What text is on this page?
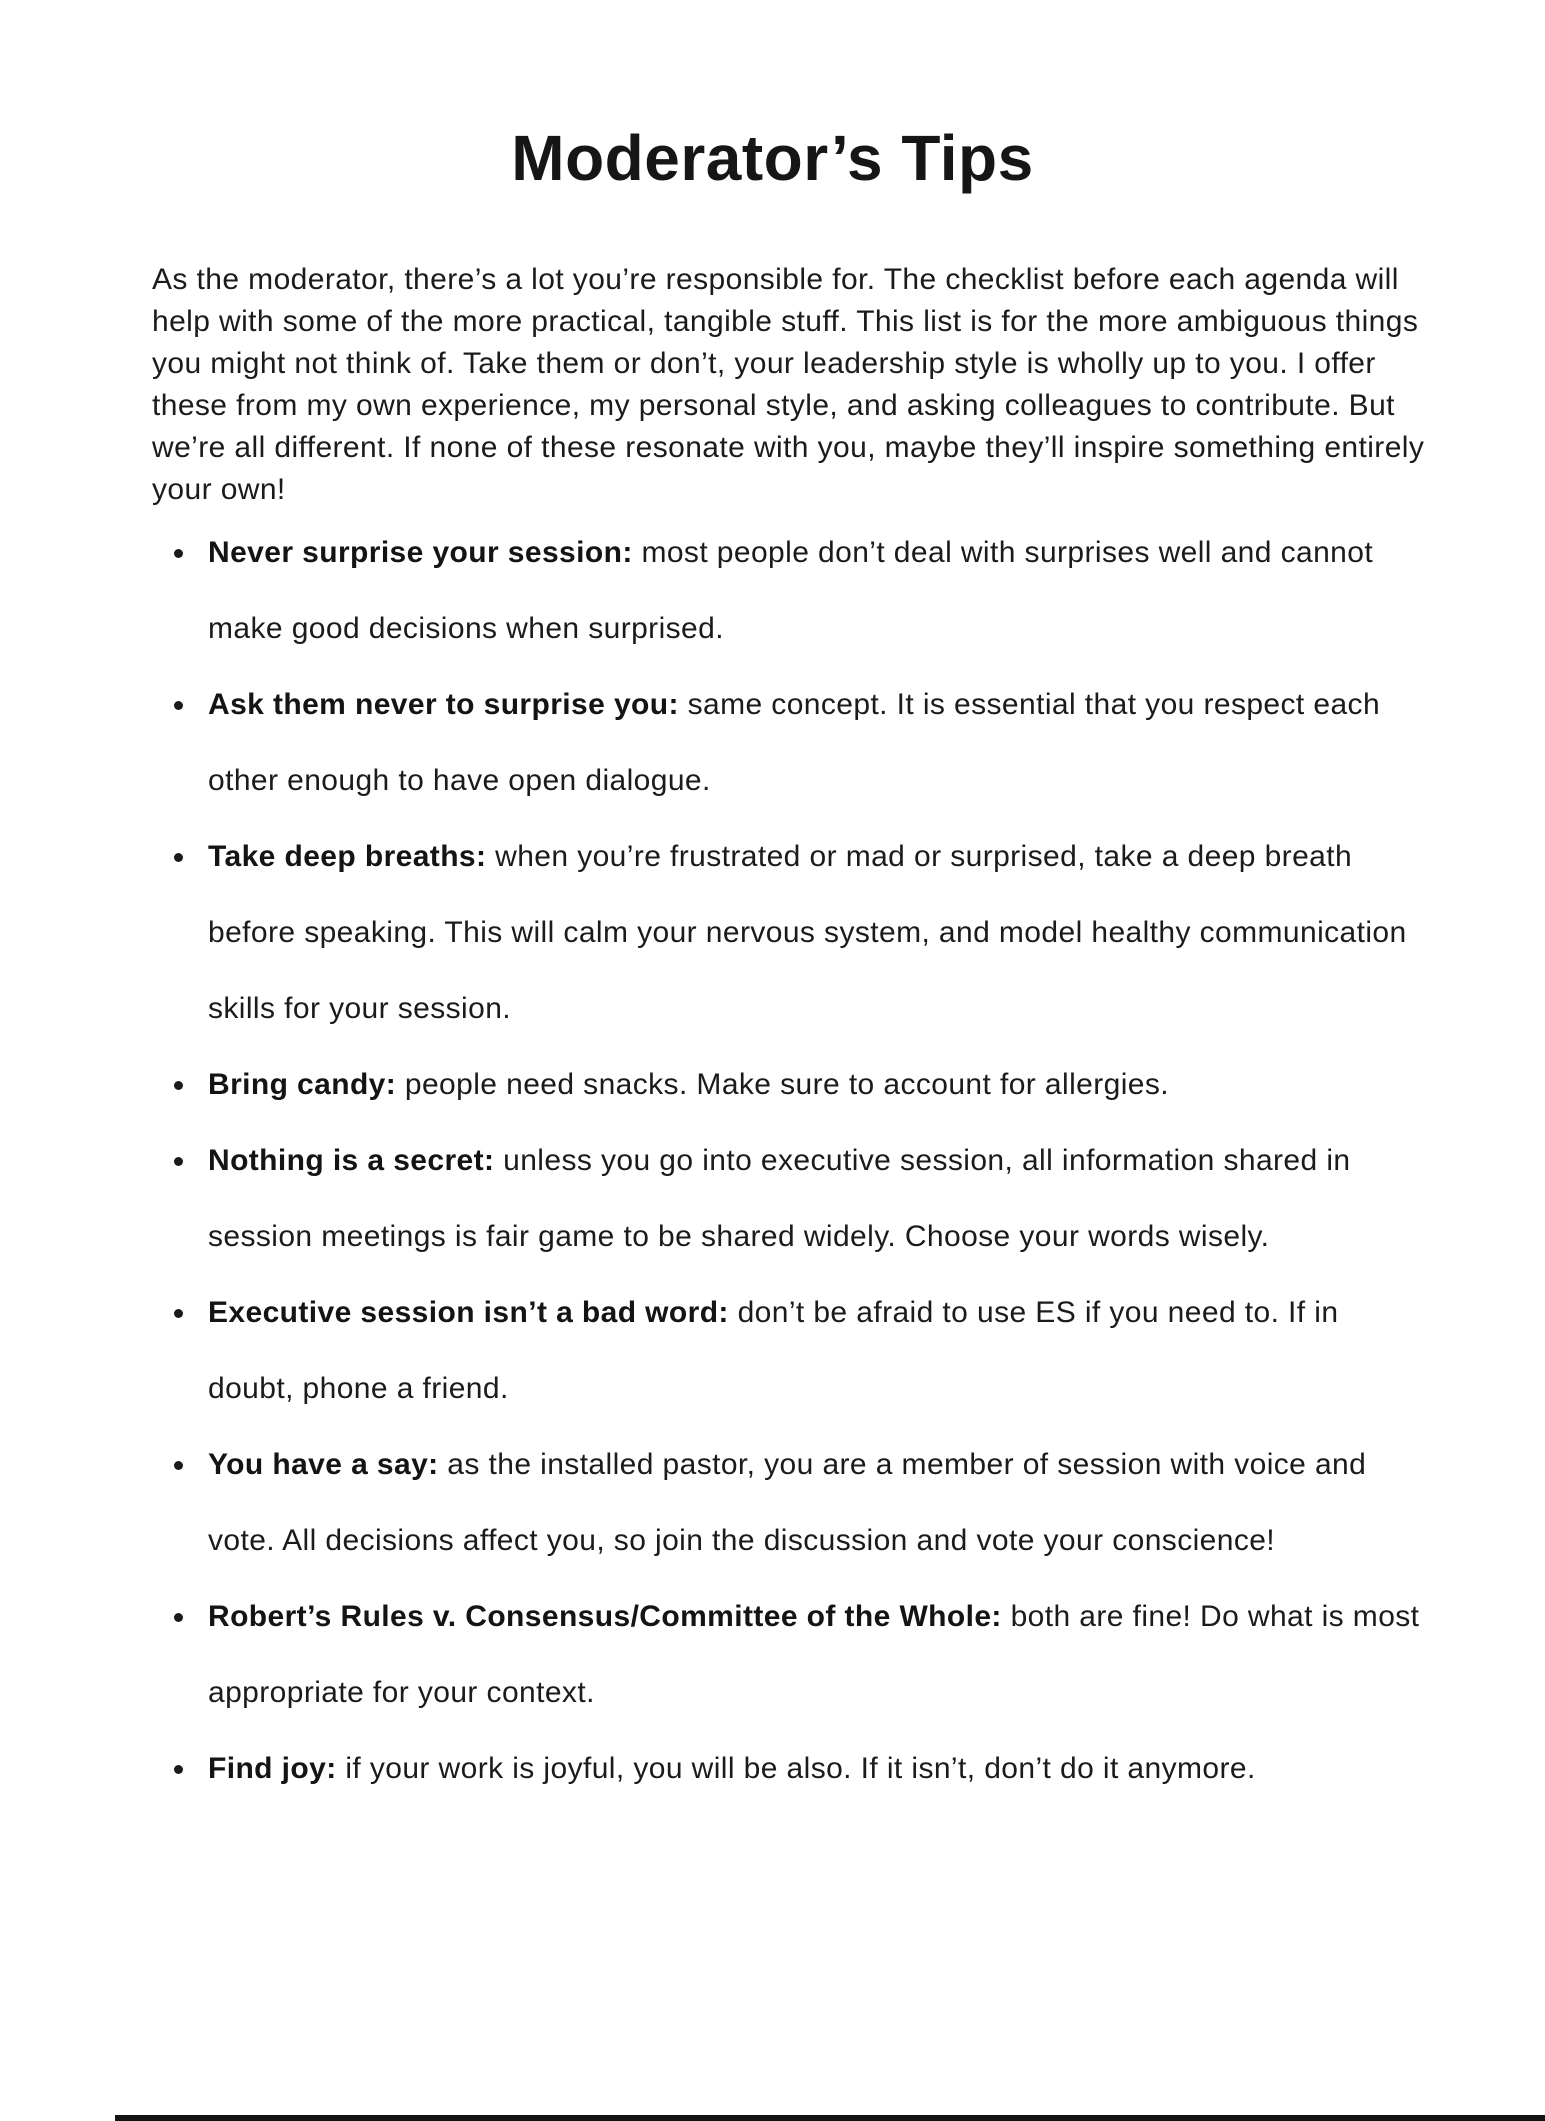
Moderator’s Tips

As the moderator, there’s a lot you’re responsible for. The checklist before each agenda will help with some of the more practical, tangible stuff. This list is for the more ambiguous things you might not think of. Take them or don’t, your leadership style is wholly up to you. I offer these from my own experience, my personal style, and asking colleagues to contribute. But we’re all different. If none of these resonate with you, maybe they’ll inspire something entirely your own!

Never surprise your session: most people don’t deal with surprises well and cannot make good decisions when surprised.
Ask them never to surprise you: same concept. It is essential that you respect each other enough to have open dialogue.
Take deep breaths: when you’re frustrated or mad or surprised, take a deep breath before speaking. This will calm your nervous system, and model healthy communication skills for your session.
Bring candy: people need snacks. Make sure to account for allergies.
Nothing is a secret: unless you go into executive session, all information shared in session meetings is fair game to be shared widely. Choose your words wisely.
Executive session isn’t a bad word: don’t be afraid to use ES if you need to. If in doubt, phone a friend.
You have a say: as the installed pastor, you are a member of session with voice and vote. All decisions affect you, so join the discussion and vote your conscience!
Robert’s Rules v. Consensus/Committee of the Whole: both are fine! Do what is most appropriate for your context.
Find joy: if your work is joyful, you will be also. If it isn’t, don’t do it anymore.
